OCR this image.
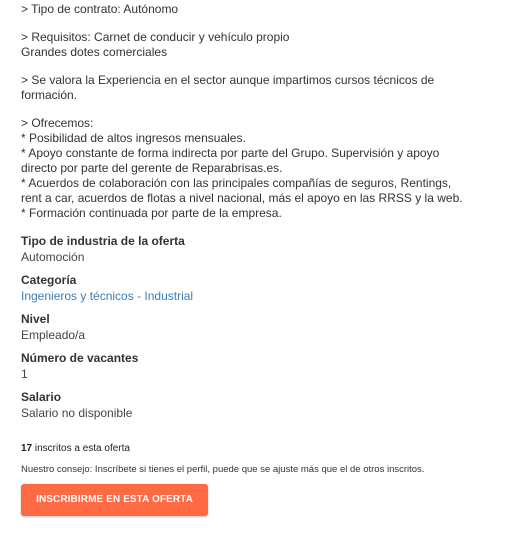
> Tipo de contrato: Autónomo
> Requisitos: Carnet de conducir y vehículo propio
Grandes dotes comerciales
> Se valora la Experiencia en el sector aunque impartimos cursos técnicos de
formación.
> Ofrecemos:
* Posibilidad de altos ingresos mensuales.
* Apoyo constante de forma indirecta por parte del Grupo. Supervisión y apoyo
directo por parte del gerente de Reparabrisas.es.
* Acuerdos de colaboración con las principales compañías de seguros, Rentings,
rent a car, acuerdos de flotas a nivel nacional, más el apoyo en las RRSS y la web.
* Formación continuada por parte de la empresa.
Tipo de industria de la oferta
Automoción
Categoría
Ingenieros y técnicos - Industrial
Nivel
Empleado/a
Número de vacantes
1
Salario
Salario no disponible
17 inscritos a esta oferta
Nuestro consejo: Inscríbete si tienes el perfil, puede que se ajuste más que el de otros inscritos.
INSCRIBIRME EN ESTA OFERTA
